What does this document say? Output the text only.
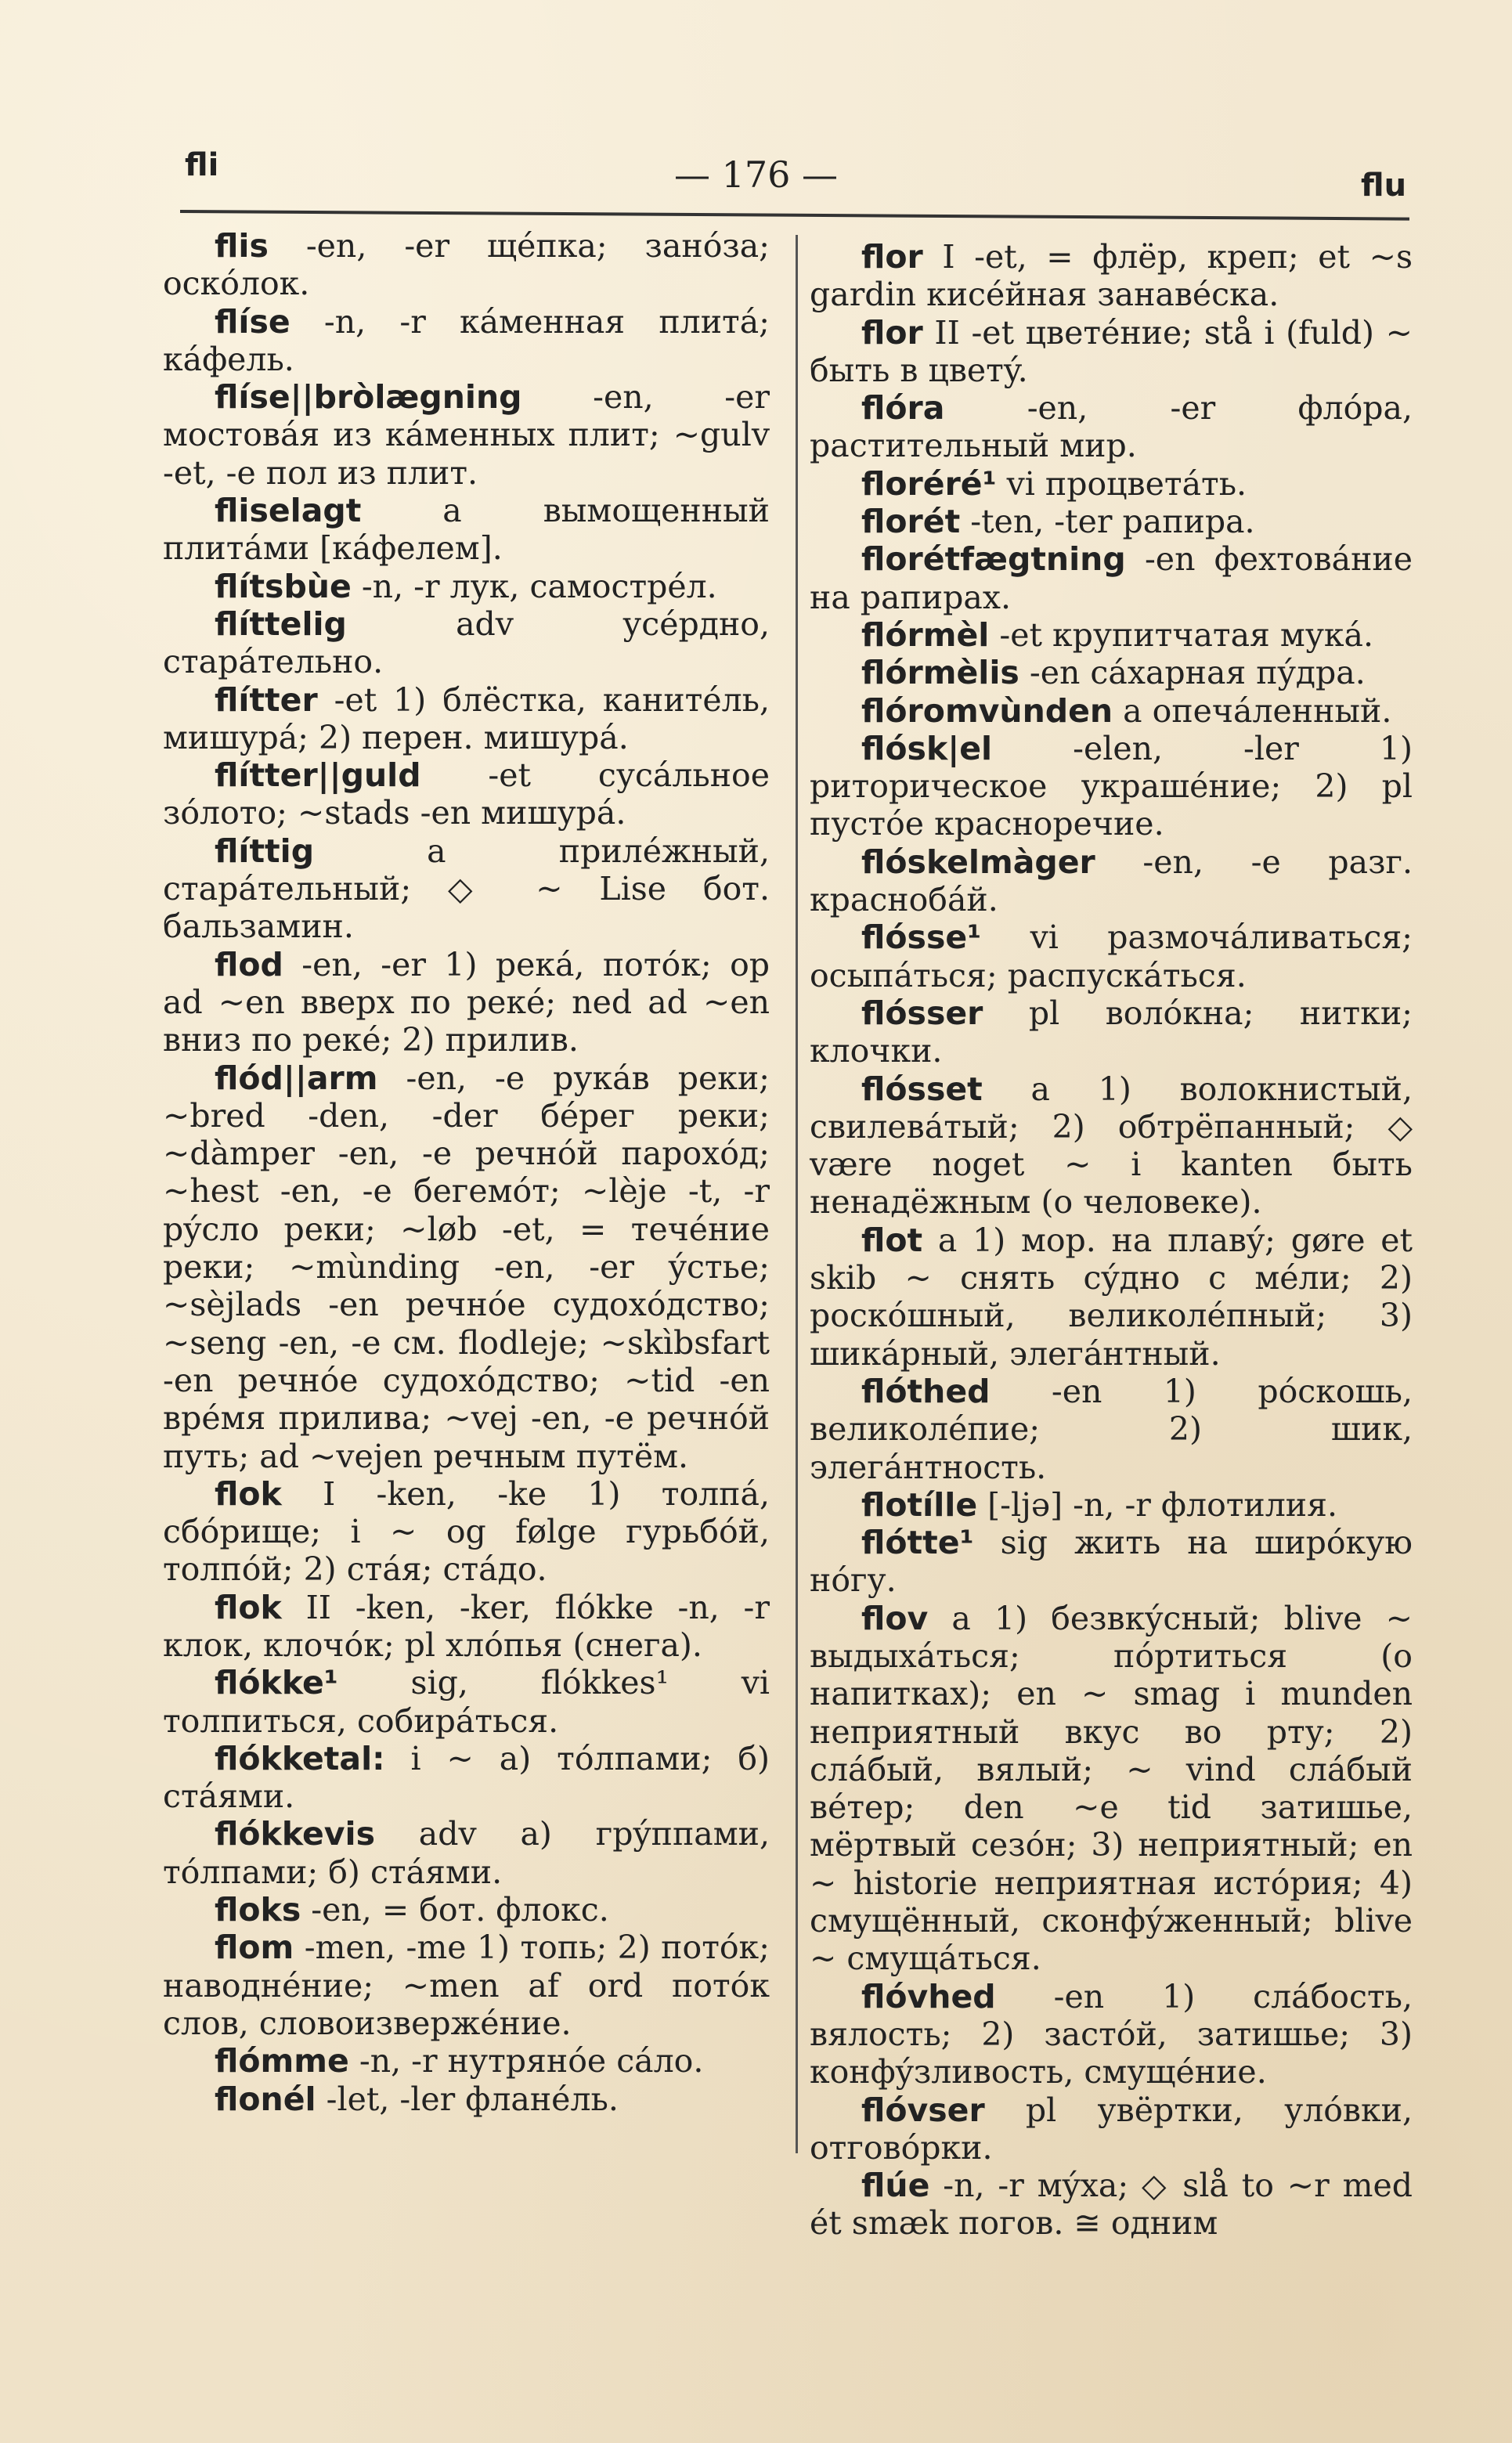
fli	— 176 —	flu

flis -en, -er щéпка; занóза; оскóлок.

flíse -n, -r кáменная плитá; кáфель.

flíse||bròlægning -en, -er мостовáя из кáменных плит; ~gulv -et, -e пол из плит.

fliselagt a вымощенный плитáми [кáфелем].

flítsbùe -n, -r лук, самострéл.

flíttelig adv усéрдно, старáтельно.

flítter -et 1) блёстка, канитéль, мишурá; 2) перен. мишурá.

flítter||guld -et сусáльное зóлото; ~stads -en мишурá.

flíttig a прилéжный, старáтельный; ◇ ~ Lise бот. бальзамин.

flod -en, -er 1) рекá, потóк; op ad ~en вверх по рекé; ned ad ~en вниз по рекé; 2) прилив.

flód||arm -en, -e рукáв реки; ~bred -den, -der бéрег реки; ~dàmper -en, -e речнóй пароxóд; ~hest -en, -e бегемóт; ~lèje -t, -r рýсло реки; ~løb -et, = течéние реки; ~mùnding -en, -er ýстье; ~sèjlads -en речнóе судоxóдство; ~seng -en, -e см. flodleje; ~skìbsfart -en речнóе судоxóдство; ~tid -en врéмя приливa; ~vej -en, -e речнóй путь; ad ~vejen речным путём.

flok I -ken, -ke 1) толпá, сбóрище; i ~ og følge гурьбóй, толпóй; 2) стáя; стáдо.

flok II -ken, -ker, flókke -n, -r клок, клочóк; pl хлóпья (снега).

flókke¹ sig, flókkes¹ vi толпиться, собирáться.

flókketal: i ~ a) тóлпами; б) стáями.

flókkevis adv a) грýппами, тóлпами; б) стáями.

floks -en, = бот. флокс.

flom -men, -me 1) топь; 2) потóк; наводнéние; ~men af ord потóк слов, словоизвержéние.

flómme -n, -r нутрянóе сáло.

flonél -let, -ler фланéль.

flor I -et, = флёр, креп; et ~s gardin кисéйная занавéска.

flor II -et цветéние; stå i (fuld) ~ быть в цветý.

flóra -en, -er флóра, растительный мир.

floréré¹ vi процветáть.

florét -ten, -ter рапира.

florétfægtning -en фехтовáние на рапирах.

flórmèl -et крупитчатая мукá.

flórmèlis -en сáхарная пýдра.

flóromvùnden a опечáленный.

flósk|el -elen, -ler 1) риторическое украшéние; 2) pl пустóе красноречие.

flóskelmàger -en, -e разг. краснобáй.

flósse¹ vi размочáливаться; осыпáться; распускáться.

flósser pl волóкна; нитки; клочки.

flósset a 1) волокнистый, свилевáтый; 2) обтрёпанный; ◇ være noget ~ i kanten быть ненадёжным (о человеке).

flot a 1) мор. на плавý; gøre et skib ~ снять сýдно с мéли; 2) роскóшный, великолéпный; 3) шикáрный, элегáнтный.

flóthed -en 1) рóскошь, великолéпие; 2) шик, элегáнтность.

flotílle [-ljə] -n, -r флотилия.

flótte¹ sig жить на ширóкую нóгу.

flov a 1) безвкýсный; blive ~ выдыхáться; пóртиться (о напитках); en ~ smag i munden неприятный вкус во рту; 2) слáбый, вялый; ~ vind слáбый вéтер; den ~e tid затишье, мёртвый сезóн; 3) неприятный; en ~ historie неприятная истóрия; 4) смущённый, сконфýженный; blive ~ смущáться.

flóvhed -en 1) слáбость, вялость; 2) застóй, затишье; 3) конфýзливость, смущéние.

flóvser pl увёртки, улóвки, отговóрки.

flúe -n, -r мýха; ◇ slå to ~r med ét smæk погов. ≅ одним
